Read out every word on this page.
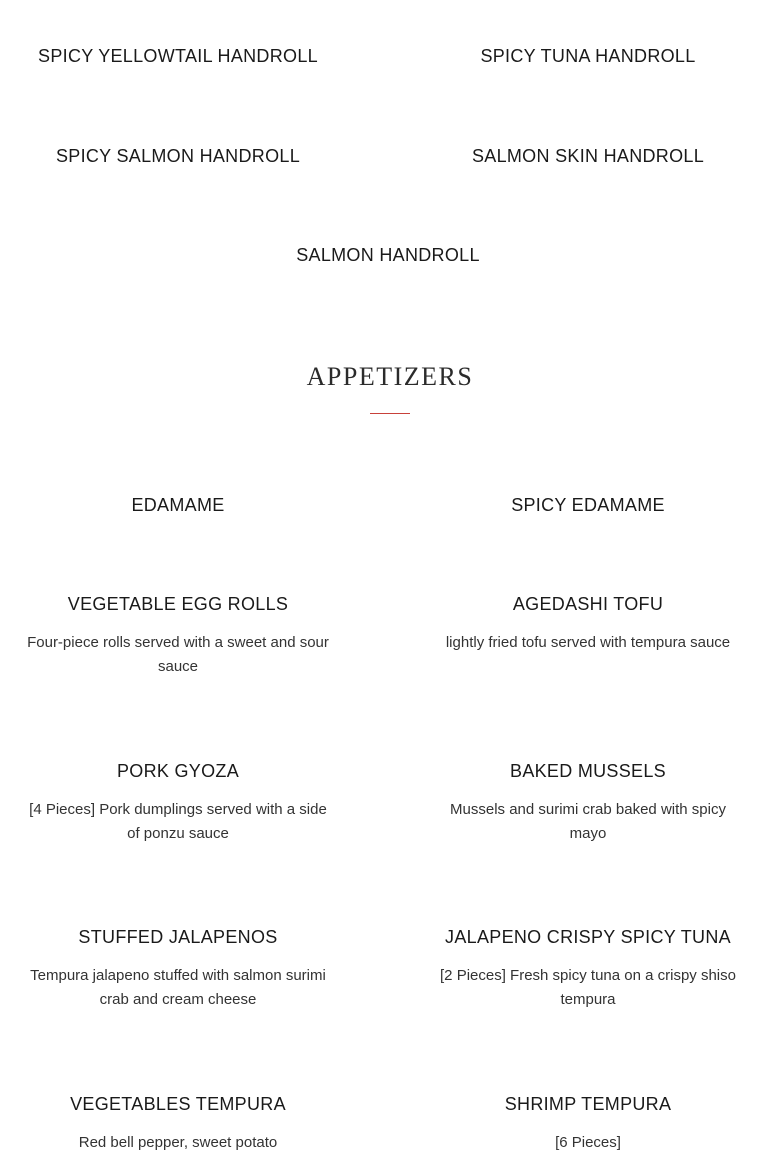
SPICY YELLOWTAIL HANDROLL	SPICY TUNA HANDROLL
SPICY SALMON HANDROLL	SALMON SKIN HANDROLL
SALMON HANDROLL
APPETIZERS
EDAMAME	SPICY EDAMAME
VEGETABLE EGG ROLLS
Four-piece rolls served with a sweet and sour sauce
AGEDASHI TOFU
lightly fried tofu served with tempura sauce
PORK GYOZA
[4 Pieces] Pork dumplings served with a side of ponzu sauce
BAKED MUSSELS
Mussels and surimi crab baked with spicy mayo
STUFFED JALAPENOS
Tempura jalapeno stuffed with salmon surimi crab and cream cheese
JALAPENO CRISPY SPICY TUNA
[2 Pieces] Fresh spicy tuna on a crispy shiso tempura
VEGETABLES TEMPURA
Red bell pepper, sweet potato
SHRIMP TEMPURA
[6 Pieces]
